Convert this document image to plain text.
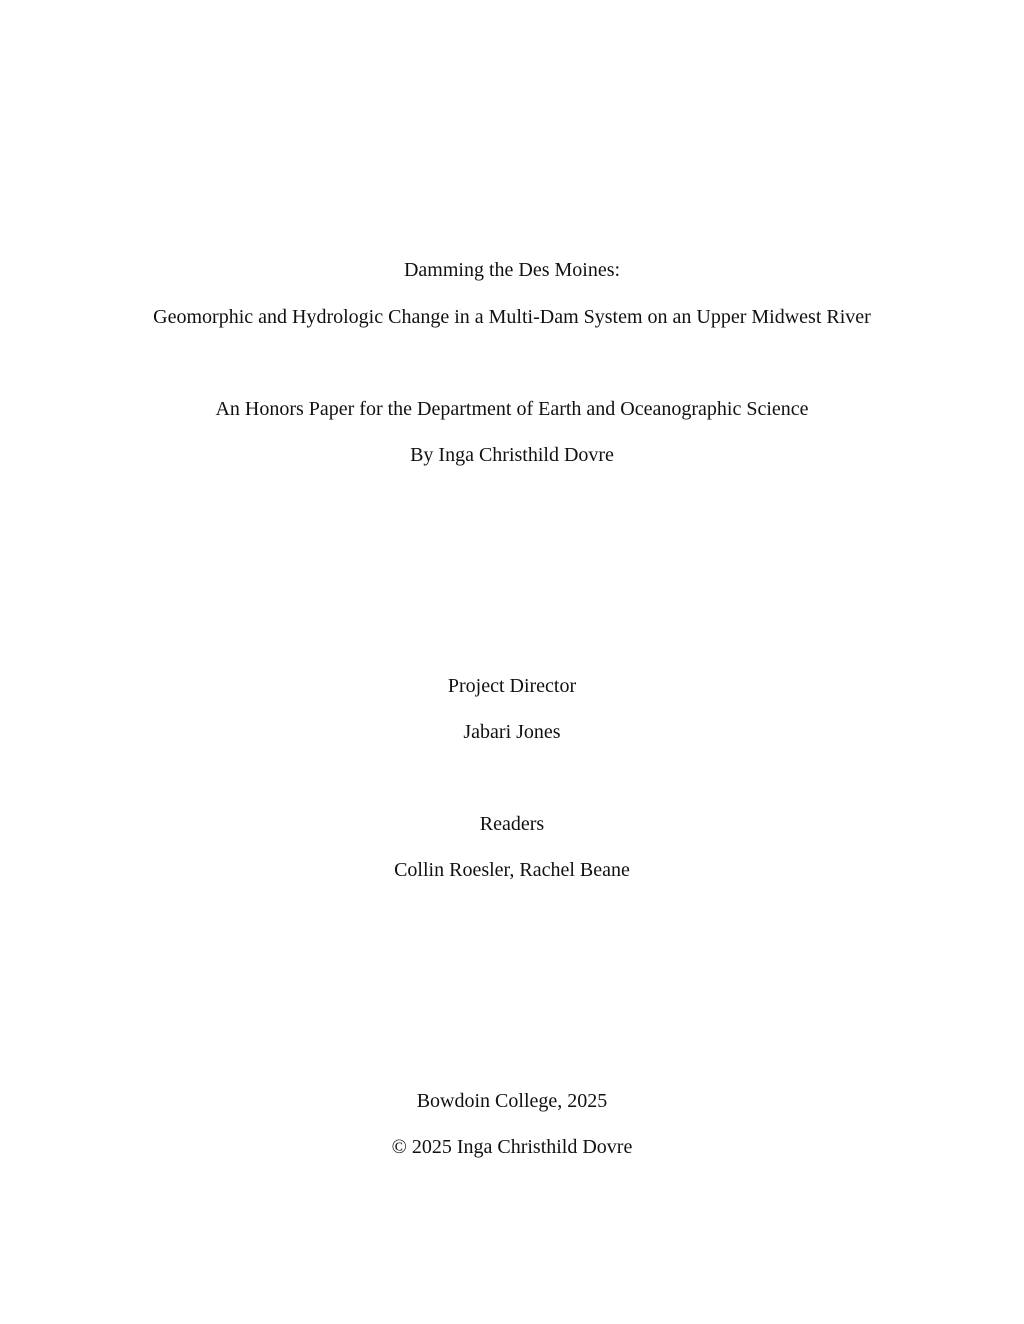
Damming the Des Moines:
Geomorphic and Hydrologic Change in a Multi-Dam System on an Upper Midwest River

An Honors Paper for the Department of Earth and Oceanographic Science

By Inga Christhild Dovre

Project Director

Jabari Jones

Readers

Collin Roesler, Rachel Beane

Bowdoin College, 2025

© 2025 Inga Christhild Dovre
